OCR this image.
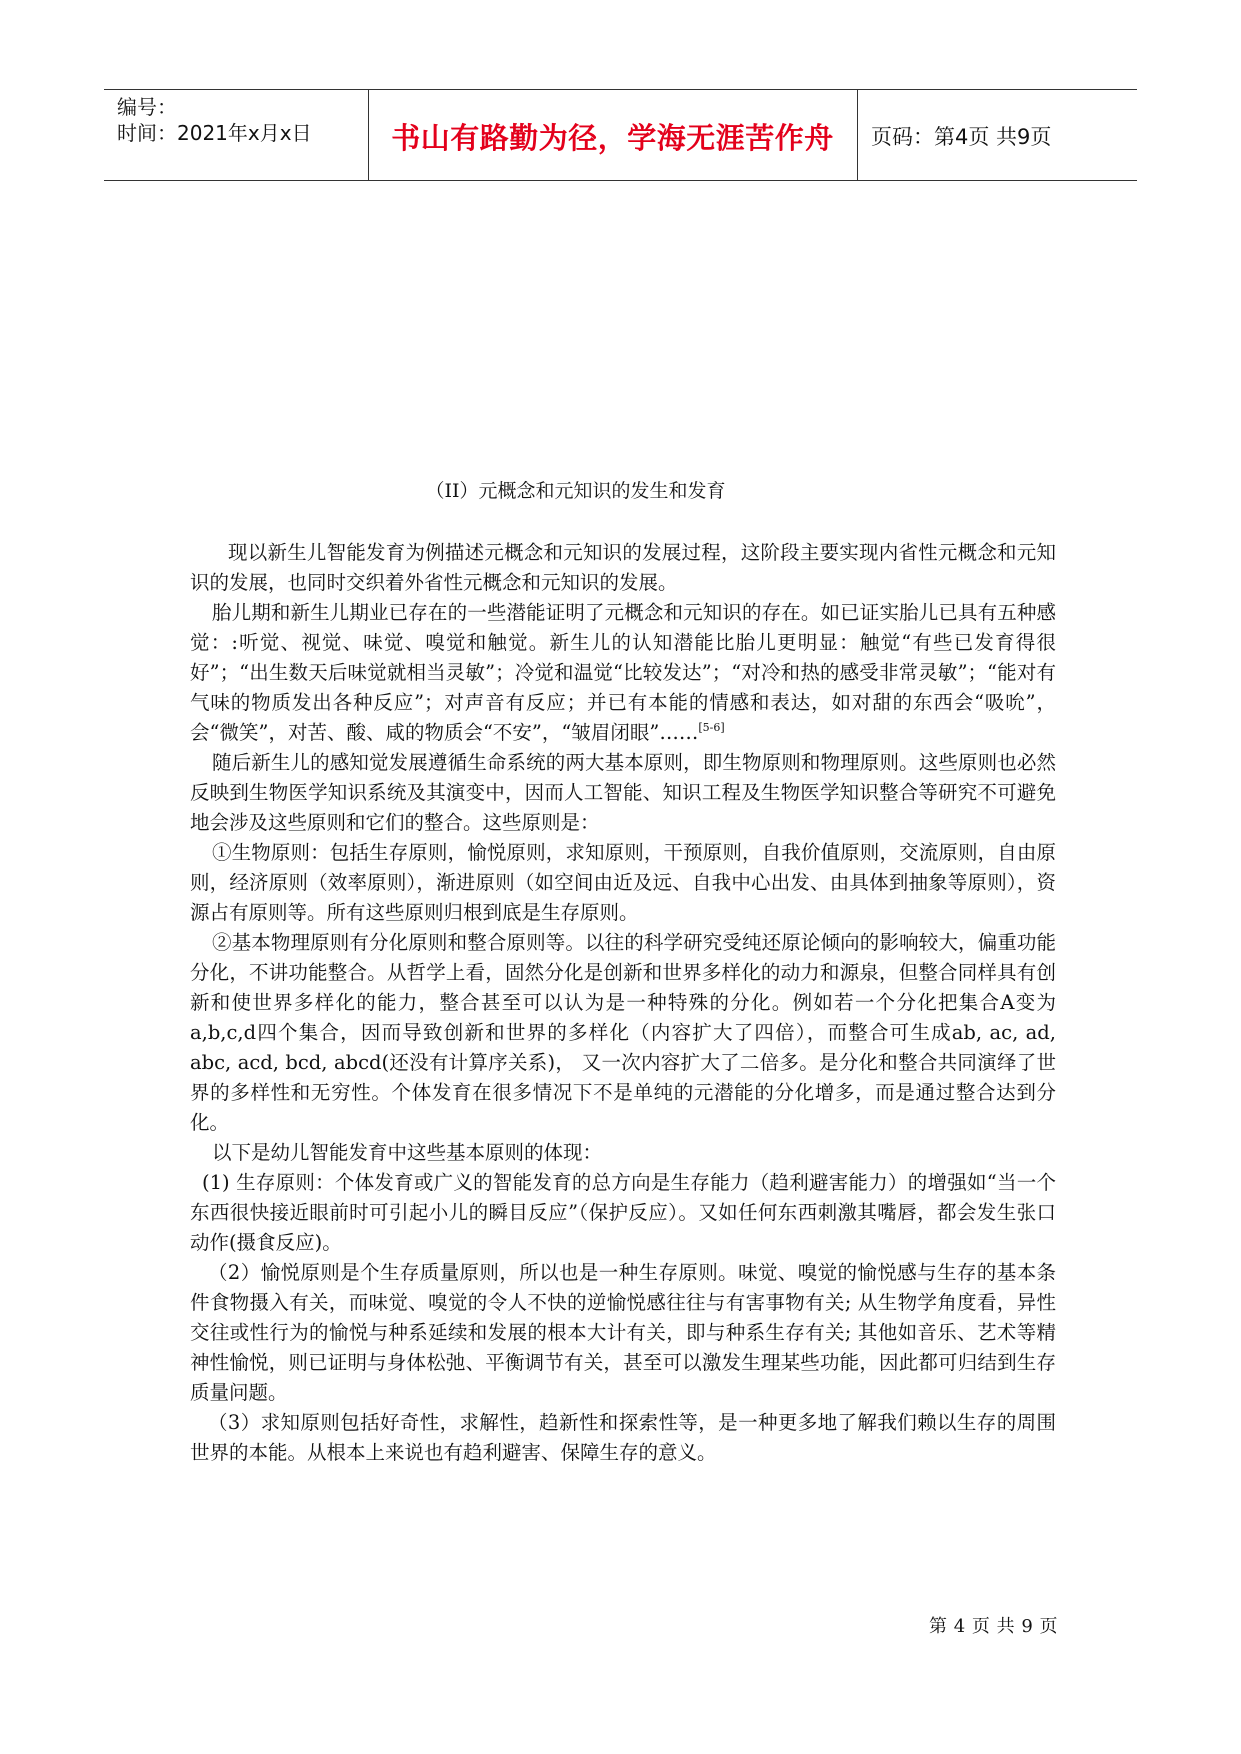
编号：
时间：2021年x月x日	书山有路勤为径，学海无涯苦作舟	页码：第4页 共9页
（II）元概念和元知识的发生和发育

现以新生儿智能发育为例描述元概念和元知识的发展过程，这阶段主要实现内省性元概念和元知识的发展，也同时交织着外省性元概念和元知识的发展。

胎儿期和新生儿期业已存在的一些潜能证明了元概念和元知识的存在。如已证实胎儿已具有五种感觉：:听觉、视觉、味觉、嗅觉和触觉。新生儿的认知潜能比胎儿更明显：触觉“有些已发育得很好”；“出生数天后味觉就相当灵敏”；冷觉和温觉“比较发达”；“对冷和热的感受非常灵敏”；“能对有气味的物质发出各种反应”；对声音有反应；并已有本能的情感和表达，如对甜的东西会“吸吮”，会“微笑”，对苦、酸、咸的物质会“不安”，“皱眉闭眼”……[5-6]

随后新生儿的感知觉发展遵循生命系统的两大基本原则，即生物原则和物理原则。这些原则也必然反映到生物医学知识系统及其演变中，因而人工智能、知识工程及生物医学知识整合等研究不可避免地会涉及这些原则和它们的整合。这些原则是：

①生物原则：包括生存原则，愉悦原则，求知原则，干预原则，自我价值原则，交流原则，自由原则，经济原则（效率原则），渐进原则（如空间由近及远、自我中心出发、由具体到抽象等原则），资源占有原则等。所有这些原则归根到底是生存原则。

②基本物理原则有分化原则和整合原则等。以往的科学研究受纯还原论倾向的影响较大，偏重功能分化，不讲功能整合。从哲学上看，固然分化是创新和世界多样化的动力和源泉，但整合同样具有创新和使世界多样化的能力，整合甚至可以认为是一种特殊的分化。例如若一个分化把集合A变为a,b,c,d四个集合，因而导致创新和世界的多样化（内容扩大了四倍），而整合可生成ab, ac, ad, abc, acd, bcd, abcd(还没有计算序关系)， 又一次内容扩大了二倍多。是分化和整合共同演绎了世界的多样性和无穷性。个体发育在很多情况下不是单纯的元潜能的分化增多，而是通过整合达到分化。

以下是幼儿智能发育中这些基本原则的体现：

(1) 生存原则：个体发育或广义的智能发育的总方向是生存能力（趋利避害能力）的增强如“当一个东西很快接近眼前时可引起小儿的瞬目反应”（保护反应）。又如任何东西刺激其嘴唇，都会发生张口动作(摄食反应)。

（2）愉悦原则是个生存质量原则，所以也是一种生存原则。味觉、嗅觉的愉悦感与生存的基本条件食物摄入有关，而味觉、嗅觉的令人不快的逆愉悦感往往与有害事物有关; 从生物学角度看，异性交往或性行为的愉悦与种系延续和发展的根本大计有关，即与种系生存有关; 其他如音乐、艺术等精神性愉悦，则已证明与身体松弛、平衡调节有关，甚至可以激发生理某些功能，因此都可归结到生存质量问题。

（3）求知原则包括好奇性，求解性，趋新性和探索性等，是一种更多地了解我们赖以生存的周围世界的本能。从根本上来说也有趋利避害、保障生存的意义。

第 4 页 共 9 页
